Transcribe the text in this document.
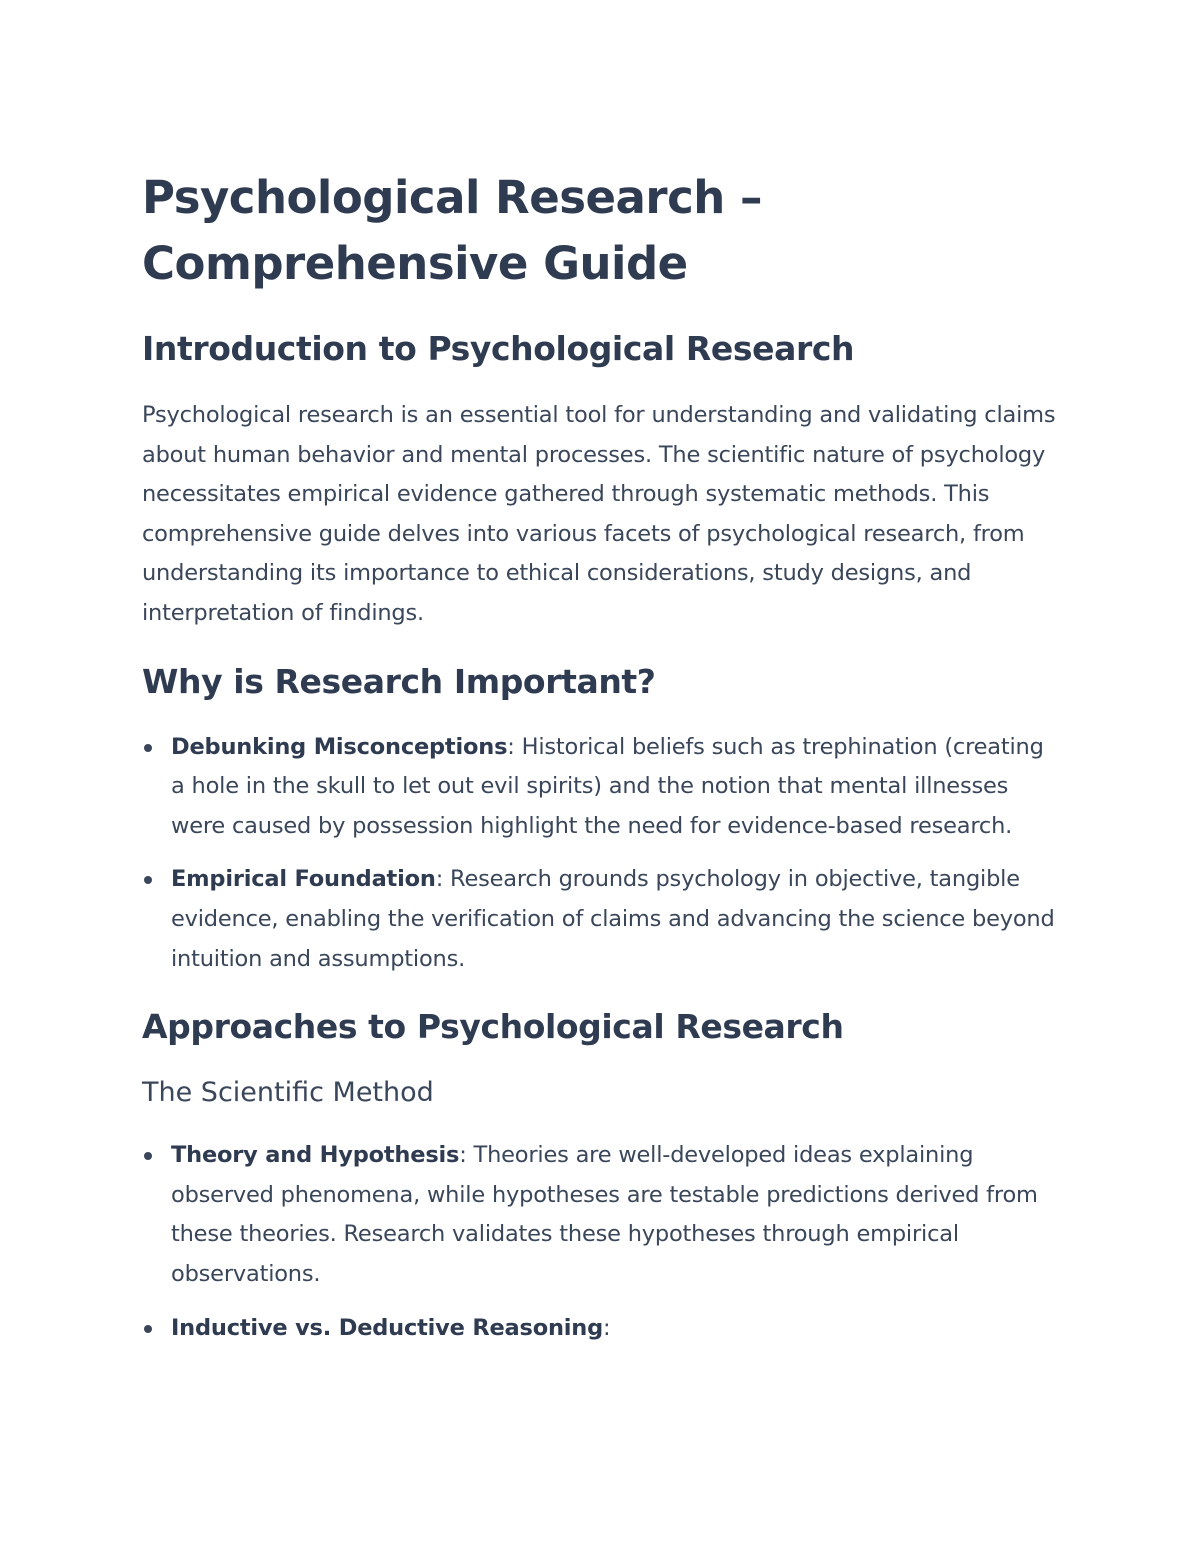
Psychological Research – Comprehensive Guide
Introduction to Psychological Research

Psychological research is an essential tool for understanding and validating claims about human behavior and mental processes. The scientific nature of psychology necessitates empirical evidence gathered through systematic methods. This comprehensive guide delves into various facets of psychological research, from understanding its importance to ethical considerations, study designs, and interpretation of findings.

Why is Research Important?
Debunking Misconceptions: Historical beliefs such as trephination (creating a hole in the skull to let out evil spirits) and the notion that mental illnesses were caused by possession highlight the need for evidence-based research.
Empirical Foundation: Research grounds psychology in objective, tangible evidence, enabling the verification of claims and advancing the science beyond intuition and assumptions.
Approaches to Psychological Research
The Scientific Method
Theory and Hypothesis: Theories are well-developed ideas explaining observed phenomena, while hypotheses are testable predictions derived from these theories. Research validates these hypotheses through empirical observations.
Inductive vs. Deductive Reasoning:
